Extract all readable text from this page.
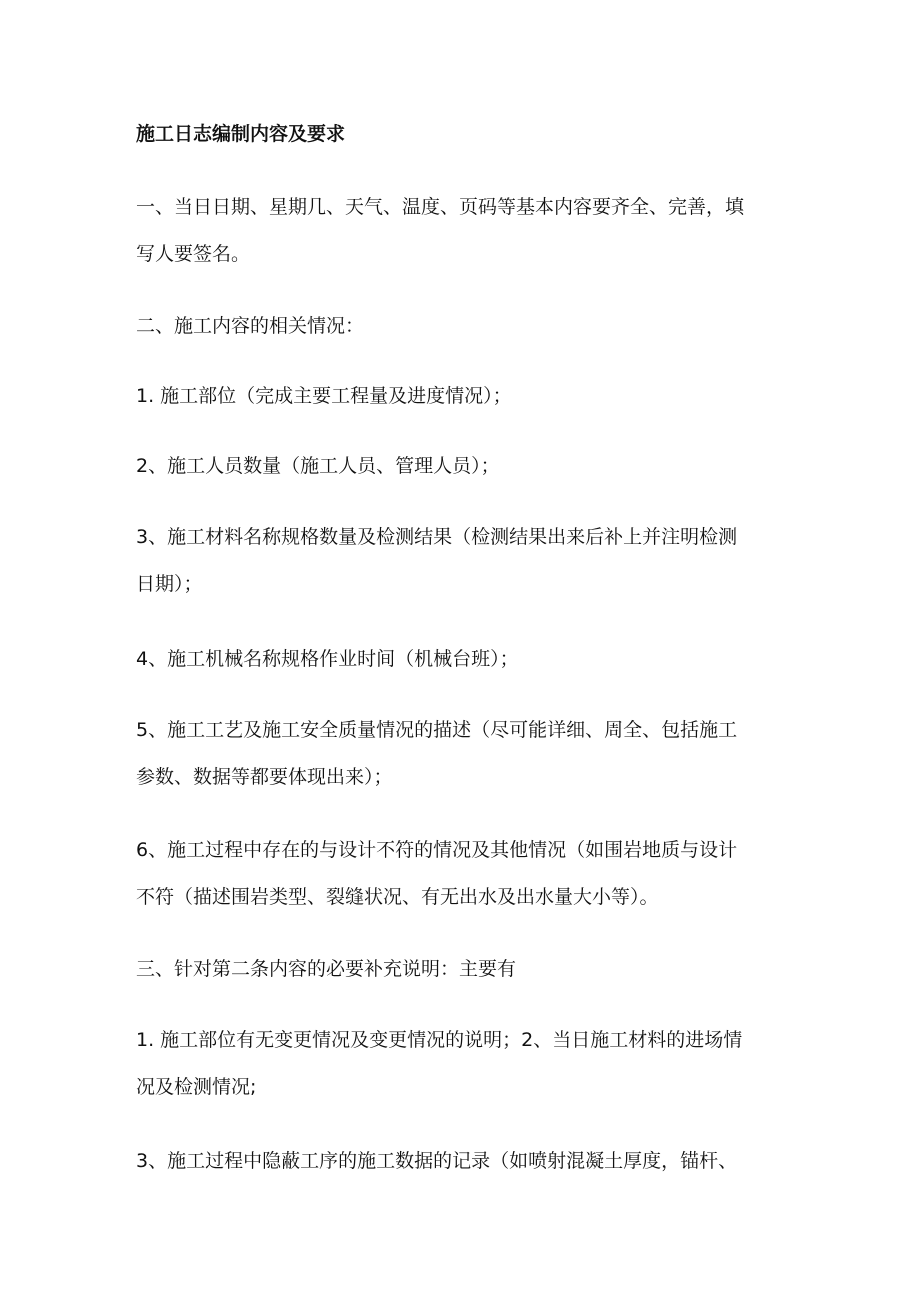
施工日志编制内容及要求

一、当日日期、星期几、天气、温度、页码等基本内容要齐全、完善，填
写人要签名。

二、施工内容的相关情况：

1. 施工部位（完成主要工程量及进度情况）；

2、施工人员数量（施工人员、管理人员）；

3、施工材料名称规格数量及检测结果（检测结果出来后补上并注明检测
日期）；

4、施工机械名称规格作业时间（机械台班）；

5、施工工艺及施工安全质量情况的描述（尽可能详细、周全、包括施工
参数、数据等都要体现出来）；

6、施工过程中存在的与设计不符的情况及其他情况（如围岩地质与设计
不符（描述围岩类型、裂缝状况、有无出水及出水量大小等）。

三、针对第二条内容的必要补充说明：主要有

1. 施工部位有无变更情况及变更情况的说明；2、当日施工材料的进场情
况及检测情况;

3、施工过程中隐蔽工序的施工数据的记录（如喷射混凝土厚度，锚杆、
